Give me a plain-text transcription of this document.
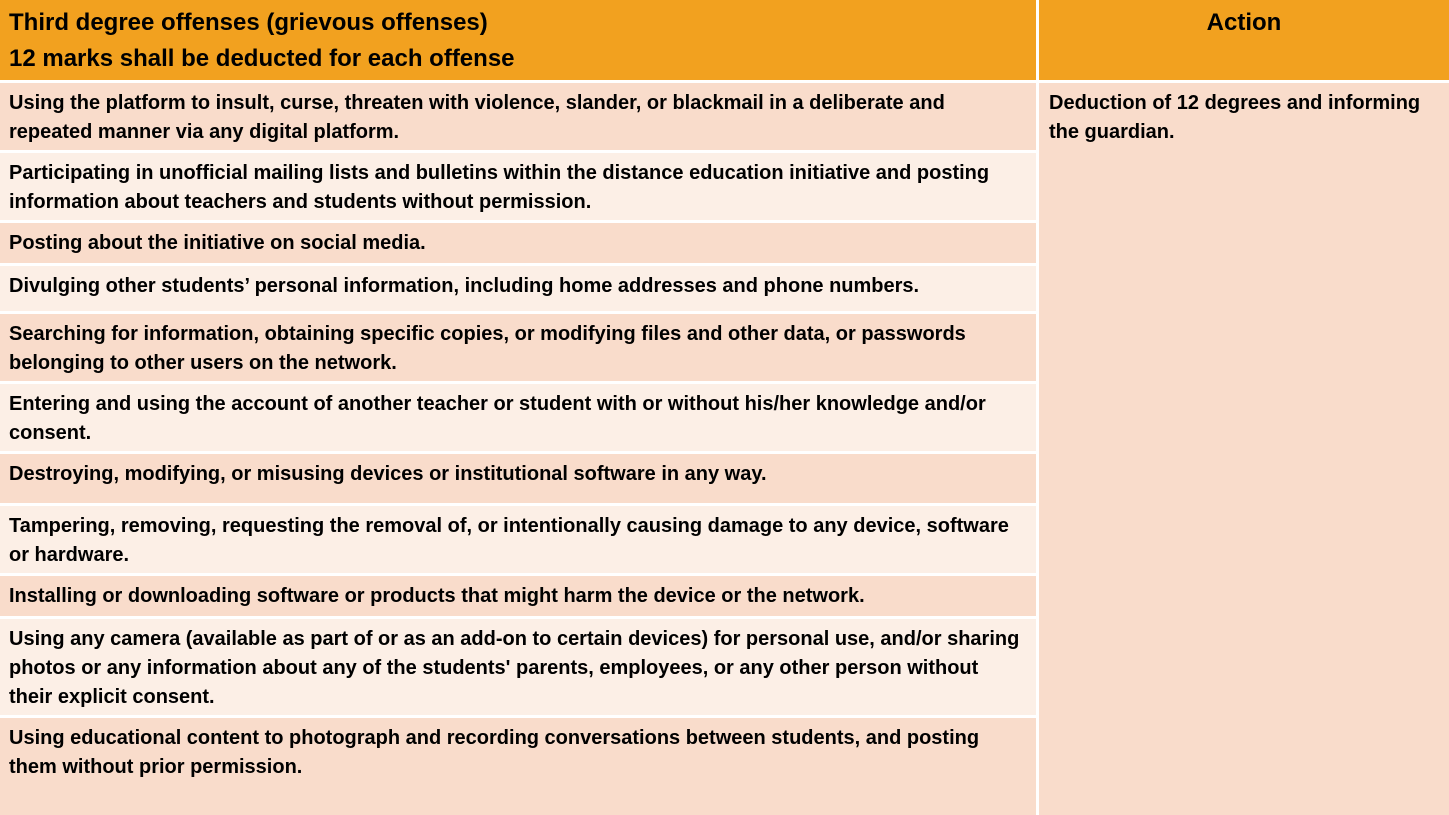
Third degree offenses (grievous offenses)
12 marks shall be deducted for each offense
Action
Using the platform to insult, curse, threaten with violence, slander, or blackmail in a deliberate and repeated manner via any digital platform.
Participating in unofficial mailing lists and bulletins within the distance education initiative and posting information about teachers and students without permission.
Posting about the initiative on social media.
Divulging other students’ personal information, including home addresses and phone numbers.
Searching for information, obtaining specific copies, or modifying files and other data, or passwords belonging to other users on the network.
Entering and using the account of another teacher or student with or without his/her knowledge and/or consent.
Destroying, modifying, or misusing devices or institutional software in any way.
Tampering, removing, requesting the removal of, or intentionally causing damage to any device, software or hardware.
Installing or downloading software or products that might harm the device or the network.
Using any camera (available as part of or as an add-on to certain devices) for personal use, and/or sharing photos or any information about any of the students' parents, employees, or any other person without their explicit consent.
Using educational content to photograph and recording conversations between students, and posting them without prior permission.
Deduction of 12 degrees and informing the guardian.
